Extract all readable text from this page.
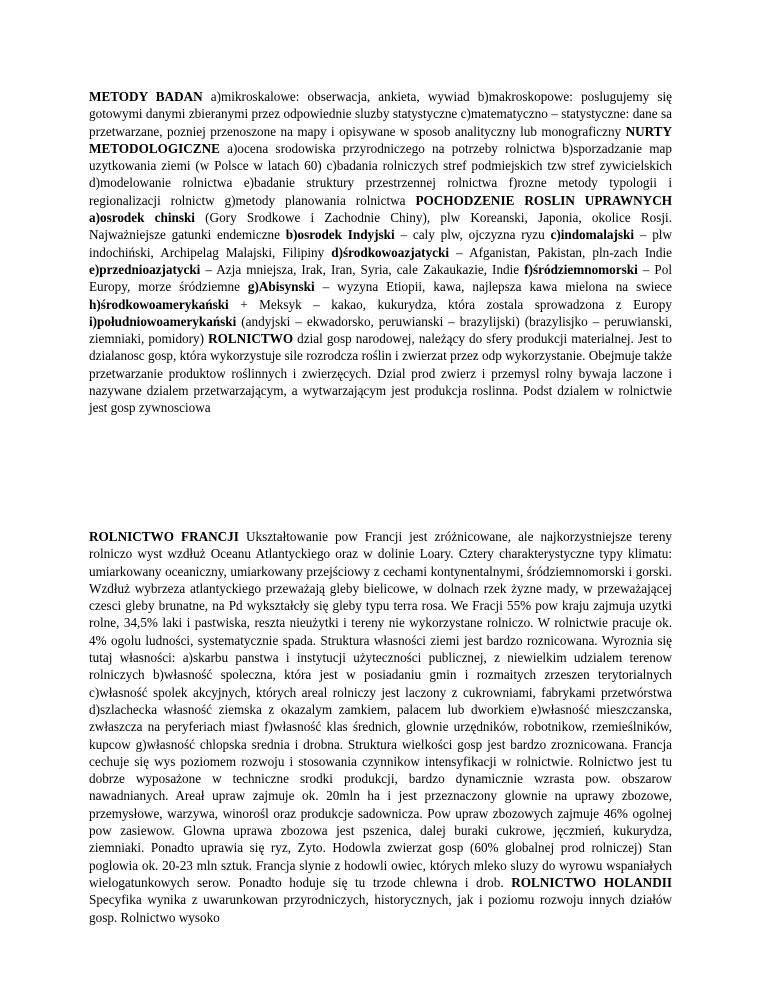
METODY BADAN a)mikroskalowe: obserwacja, ankieta, wywiad b)makroskopowe: poslugujemy się gotowymi danymi zbieranymi przez odpowiednie sluzby statystyczne c)matematyczno – statystyczne: dane sa przetwarzane, pozniej przenoszone na mapy i opisywane w sposob analityczny lub monograficzny NURTY METODOLOGICZNE a)ocena srodowiska przyrodniczego na potrzeby rolnictwa b)sporzadzanie map uzytkowania ziemi (w Polsce w latach 60) c)badania rolniczych stref podmiejskich tzw stref zywicielskich d)modelowanie rolnictwa e)badanie struktury przestrzennej rolnictwa f)rozne metody typologii i regionalizacji rolnictw g)metody planowania rolnictwa POCHODZENIE ROSLIN UPRAWNYCH a)osrodek chinski (Gory Srodkowe i Zachodnie Chiny), plw Koreanski, Japonia, okolice Rosji. Najważniejsze gatunki endemiczne b)osrodek Indyjski – caly plw, ojczyzna ryzu c)indomalajski – plw indochiński, Archipelag Malajski, Filipiny d)środkowoazjatycki – Afganistan, Pakistan, pln-zach Indie e)przednioazjatycki – Azja mniejsza, Irak, Iran, Syria, cale Zakaukazie, Indie f)śródziemnomorski – Pol Europy, morze śródziemne g)Abisynski – wyzyna Etiopii, kawa, najlepsza kawa mielona na swiece h)środkowoamerykański + Meksyk – kakao, kukurydza, która zostala sprowadzona z Europy i)południowoamerykański (andyjski – ekwadorsko, peruwianski – brazylijski) (brazylisjko – peruwianski, ziemniaki, pomidory) ROLNICTWO dzial gosp narodowej, należący do sfery produkcji materialnej. Jest to dzialanosc gosp, która wykorzystuje sile rozrodcza roślin i zwierzat przez odp wykorzystanie. Obejmuje także przetwarzanie produktow roślinnych i zwierzęcych. Dzial prod zwierz i przemysl rolny bywaja laczone i nazywane dzialem przetwarzającym, a wytwarzającym jest produkcja roslinna. Podst dzialem w rolnictwie jest gosp zywnosciowa

ROLNICTWO FRANCJI Ukształtowanie pow Francji jest zróżnicowane, ale najkorzystniejsze tereny rolniczo wyst wzdłuż Oceanu Atlantyckiego oraz w dolinie Loary. Cztery charakterystyczne typy klimatu: umiarkowany oceaniczny, umiarkowany przejściowy z cechami kontynentalnymi, śródziemnomorski i gorski. Wzdłuż wybrzeza atlantyckiego przeważają gleby bielicowe, w dolnach rzek żyzne mady, w przeważającej czesci gleby brunatne, na Pd wykształcły się gleby typu terra rosa. We Fracji 55% pow kraju zajmuja uzytki rolne, 34,5% laki i pastwiska, reszta nieużytki i tereny nie wykorzystane rolniczo. W rolnictwie pracuje ok. 4% ogolu ludności, systematycznie spada. Struktura własności ziemi jest bardzo roznicowana. Wyroznia się tutaj własności: a)skarbu panstwa i instytucji użyteczności publicznej, z niewielkim udzialem terenow rolniczych b)własność spoleczna, która jest w posiadaniu gmin i rozmaitych zrzeszen terytorialnych c)własność spolek akcyjnych, których areal rolniczy jest laczony z cukrowniami, fabrykami przetwórstwa d)szlachecka własność ziemska z okazalym zamkiem, palacem lub dworkiem e)własność mieszczanska, zwłaszcza na peryferiach miast f)własność klas średnich, glownie urzędników, robotnikow, rzemieślników, kupcow g)własność chlopska srednia i drobna. Struktura wielkości gosp jest bardzo zroznicowana. Francja cechuje się wys poziomem rozwoju i stosowania czynnikow intensyfikacji w rolnictwie. Rolnictwo jest tu dobrze wyposażone w techniczne srodki produkcji, bardzo dynamicznie wzrasta pow. obszarow nawadnianych. Areał upraw zajmuje ok. 20mln ha i jest przeznaczony glownie na uprawy zbozowe, przemysłowe, warzywa, winorośl oraz produkcje sadownicza. Pow upraw zbozowych zajmuje 46% ogolnej pow zasiewow. Glowna uprawa zbozowa jest pszenica, dalej buraki cukrowe, jęczmień, kukurydza, ziemniaki. Ponadto uprawia się ryz, Zyto. Hodowla zwierzat gosp (60% globalnej prod rolniczej) Stan poglowia ok. 20-23 mln sztuk. Francja slynie z hodowli owiec, których mleko sluzy do wyrowu wspaniałych wielogatunkowych serow. Ponadto hoduje się tu trzode chlewna i drob. ROLNICTWO HOLANDII Specyfika wynika z uwarunkowan przyrodniczych, historycznych, jak i poziomu rozwoju innych działów gosp. Rolnictwo wysoko
